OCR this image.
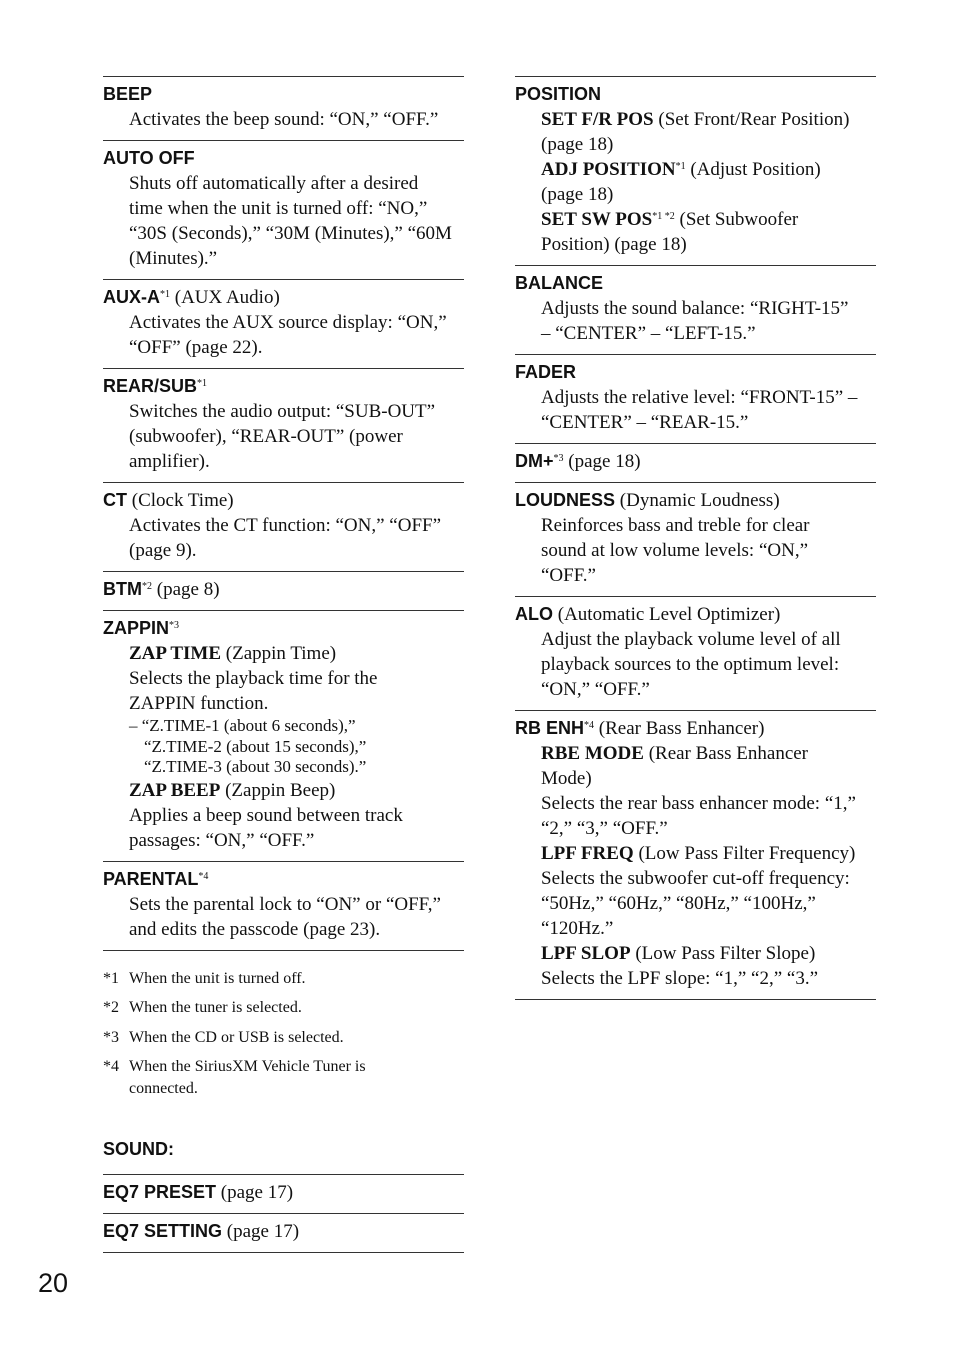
BEEP
Activates the beep sound: “ON,” “OFF.”
AUTO OFF
Shuts off automatically after a desired
time when the unit is turned off: “NO,”
“30S (Seconds),” “30M (Minutes),” “60M
(Minutes).”
AUX-$A^{*1}$ (AUX Audio)
Activates the AUX source display: “ON,”
“OFF” (page 22).
REAR/SUB$^{*1}$
Switches the audio output: “SUB-OUT”
(subwoofer), “REAR-OUT” (power
amplifier).
CT (Clock Time)
Activates the CT function: “ON,” “OFF”
(page 9).
BTM$^{*2}$ (page 8)
ZAPPIN$^{*3}$
ZAP TIME (Zappin Time)
Selects the playback time for the
ZAPPIN function.
– “Z.TIME-1 (about 6 seconds),”
“Z.TIME-2 (about 15 seconds),”
“Z.TIME-3 (about 30 seconds).”
ZAP BEEP (Zappin Beep)
Applies a beep sound between track
passages: “ON,” “OFF.”
PARENTAL$^{*4}$
Sets the parental lock to “ON” or “OFF,”
and edits the passcode (page 23).
*1 When the unit is turned off.
*2 When the tuner is selected.
*3 When the CD or USB is selected.
*4 When the SiriusXM Vehicle Tuner is connected.
SOUND:
EQ7 PRESET (page 17)
EQ7 SETTING (page 17)
POSITION
SET F/R POS (Set Front/Rear Position)
(page 18)
ADJ POSITION$^{*1}$ (Adjust Position)
(page 18)
SET SW $POS^{*1 *2}$ (Set Subwoofer
Position) (page 18)
BALANCE
Adjusts the sound balance: “RIGHT-15”
– “CENTER” – “LEFT-15.”
FADER
Adjusts the relative level: “FRONT-15” –
“CENTER” – “REAR-15.”
DM+$^{*3}$ (page 18)
LOUDNESS (Dynamic Loudness)
Reinforces bass and treble for clear
sound at low volume levels: “ON,”
“OFF.”
ALO (Automatic Level Optimizer)
Adjust the playback volume level of all
playback sources to the optimum level:
“ON,” “OFF.”
RB ENH$^{*4}$ (Rear Bass Enhancer)
RBE MODE (Rear Bass Enhancer
Mode)
Selects the rear bass enhancer mode: “1,”
“2,” “3,” “OFF.”
LPF FREQ (Low Pass Filter Frequency)
Selects the subwoofer cut-off frequency:
“50Hz,” “60Hz,” “80Hz,” “100Hz,”
“120Hz.”
LPF SLOP (Low Pass Filter Slope)
Selects the LPF slope: “1,” “2,” “3.”
20
